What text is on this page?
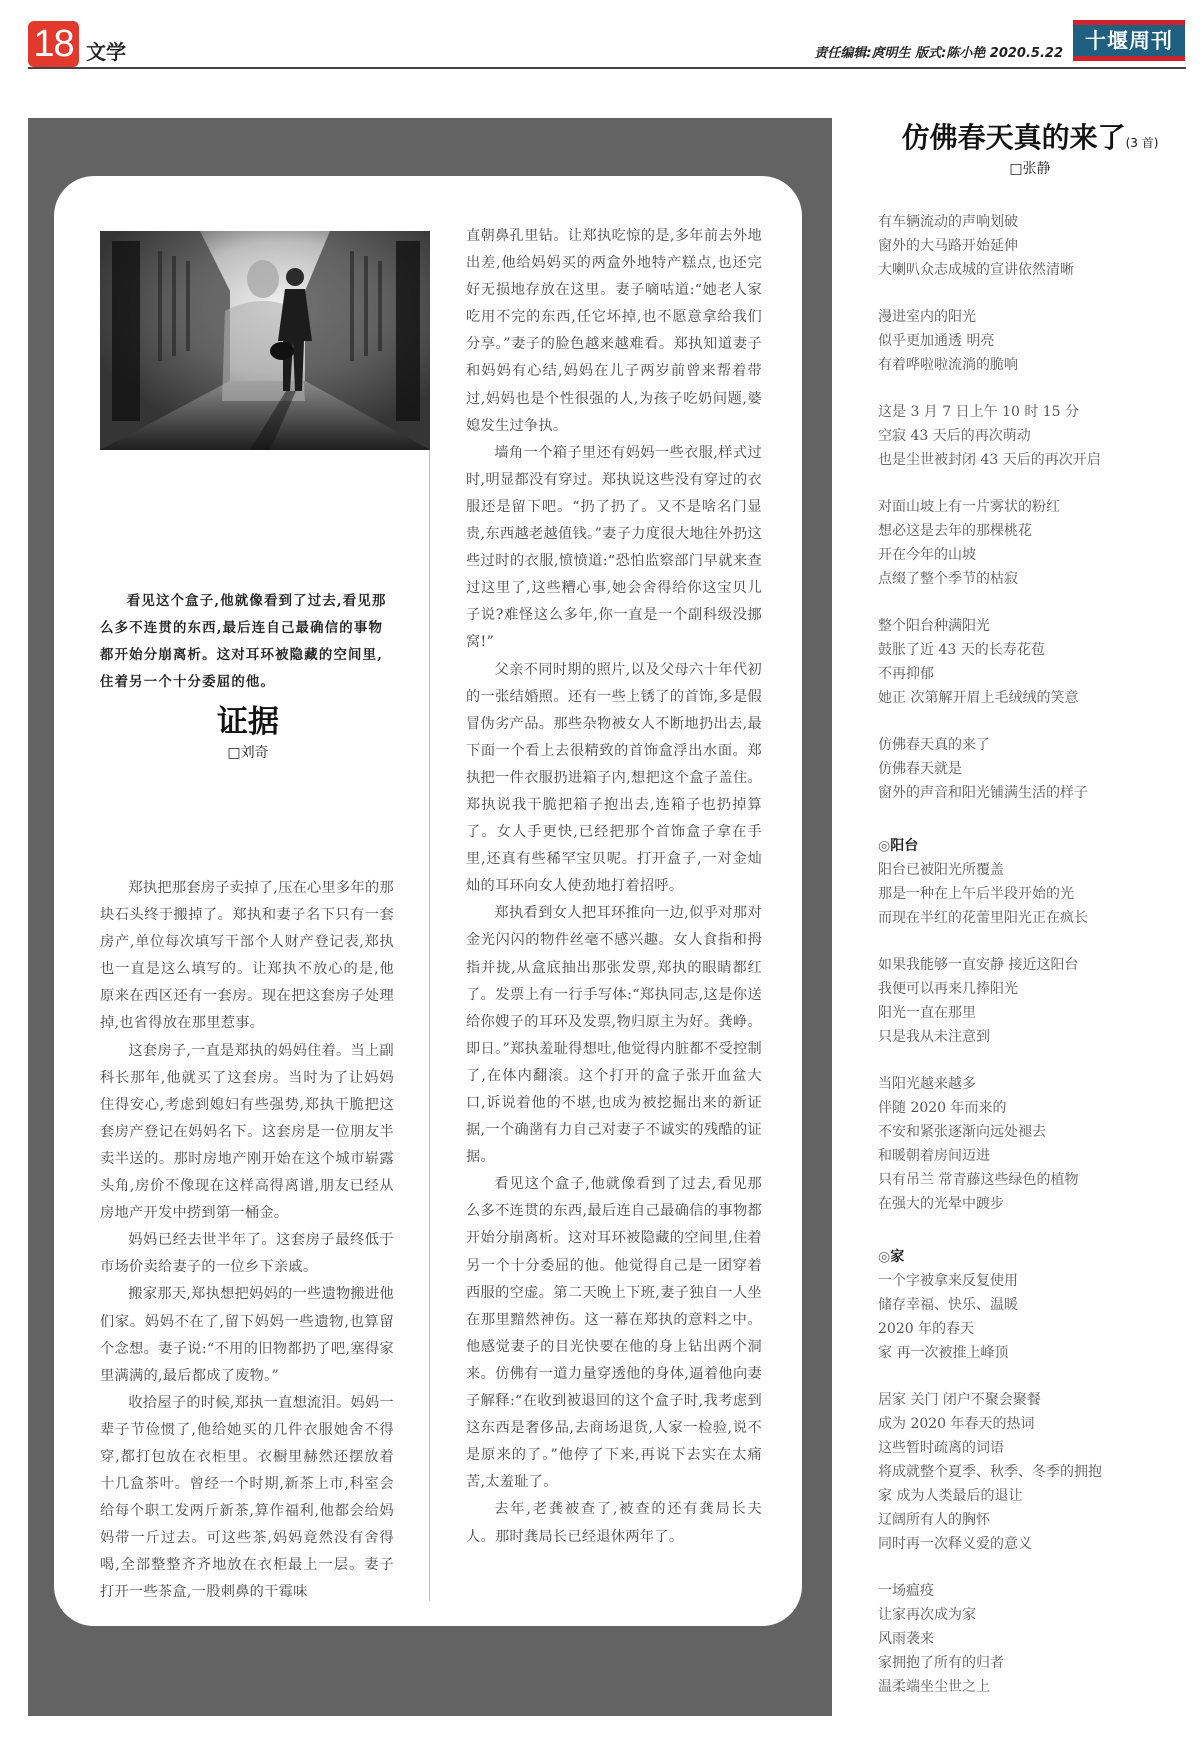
18 文学	责任编辑:庹明生 版式:陈小艳 2020.5.22
十堰周刊

看见这个盒子,他就像看到了过去,看见那么多不连贯的东西,最后连自己最确信的事物都开始分崩离析。这对耳环被隐藏的空间里,住着另一个十分委屈的他。

证据
□刘奇

郑执把那套房子卖掉了,压在心里多年的那块石头终于搬掉了。郑执和妻子名下只有一套房产,单位每次填写干部个人财产登记表,郑执也一直是这么填写的。让郑执不放心的是,他原来在西区还有一套房。现在把这套房子处理掉,也省得放在那里惹事。

这套房子,一直是郑执的妈妈住着。当上副科长那年,他就买了这套房。当时为了让妈妈住得安心,考虑到媳妇有些强势,郑执干脆把这套房产登记在妈妈名下。这套房是一位朋友半卖半送的。那时房地产刚开始在这个城市崭露头角,房价不像现在这样高得离谱,朋友已经从房地产开发中捞到第一桶金。

妈妈已经去世半年了。这套房子最终低于市场价卖给妻子的一位乡下亲戚。

搬家那天,郑执想把妈妈的一些遗物搬进他们家。妈妈不在了,留下妈妈一些遗物,也算留个念想。妻子说:“不用的旧物都扔了吧,塞得家里满满的,最后都成了废物。”

收拾屋子的时候,郑执一直想流泪。妈妈一辈子节俭惯了,他给她买的几件衣服她舍不得穿,都打包放在衣柜里。衣橱里赫然还摆放着十几盒茶叶。曾经一个时期,新茶上市,科室会给每个职工发两斤新茶,算作福利,他都会给妈妈带一斤过去。可这些茶,妈妈竟然没有舍得喝,全部整整齐齐地放在衣柜最上一层。妻子打开一些茶盒,一股刺鼻的干霉味

直朝鼻孔里钻。让郑执吃惊的是,多年前去外地出差,他给妈妈买的两盒外地特产糕点,也还完好无损地存放在这里。妻子嘀咕道:“她老人家吃用不完的东西,任它坏掉,也不愿意拿给我们分享。”妻子的脸色越来越难看。郑执知道妻子和妈妈有心结,妈妈在儿子两岁前曾来帮着带过,妈妈也是个性很强的人,为孩子吃奶问题,婆媳发生过争执。

墙角一个箱子里还有妈妈一些衣服,样式过时,明显都没有穿过。郑执说这些没有穿过的衣服还是留下吧。“扔了扔了。又不是啥名门显贵,东西越老越值钱。”妻子力度很大地往外扔这些过时的衣服,愤愤道:“恐怕监察部门早就来查过这里了,这些糟心事,她会舍得给你这宝贝儿子说?难怪这么多年,你一直是一个副科级没挪窝!”

父亲不同时期的照片,以及父母六十年代初的一张结婚照。还有一些上锈了的首饰,多是假冒伪劣产品。那些杂物被女人不断地扔出去,最下面一个看上去很精致的首饰盒浮出水面。郑执把一件衣服扔进箱子内,想把这个盒子盖住。郑执说我干脆把箱子抱出去,连箱子也扔掉算了。女人手更快,已经把那个首饰盒子拿在手里,还真有些稀罕宝贝呢。打开盒子,一对金灿灿的耳环向女人使劲地打着招呼。

郑执看到女人把耳环推向一边,似乎对那对金光闪闪的物件丝毫不感兴趣。女人食指和拇指并拢,从盒底抽出那张发票,郑执的眼睛都红了。发票上有一行手写体:“郑执同志,这是你送给你嫂子的耳环及发票,物归原主为好。龚峥。即日。”郑执羞耻得想吐,他觉得内脏都不受控制了,在体内翻滚。这个打开的盒子张开血盆大口,诉说着他的不堪,也成为被挖掘出来的新证据,一个确凿有力自己对妻子不诚实的残酷的证据。

看见这个盒子,他就像看到了过去,看见那么多不连贯的东西,最后连自己最确信的事物都开始分崩离析。这对耳环被隐藏的空间里,住着另一个十分委屈的他。他觉得自己是一团穿着西服的空虚。第二天晚上下班,妻子独自一人坐在那里黯然神伤。这一幕在郑执的意料之中。他感觉妻子的目光快要在他的身上钻出两个洞来。仿佛有一道力量穿透他的身体,逼着他向妻子解释:“在收到被退回的这个盒子时,我考虑到这东西是奢侈品,去商场退货,人家一检验,说不是原来的了。”他停了下来,再说下去实在太痛苦,太羞耻了。

去年,老龚被查了,被查的还有龚局长夫人。那时龚局长已经退休两年了。

仿佛春天真的来了(3 首)
□张静
有车辆流动的声响划破
窗外的大马路开始延伸
大喇叭众志成城的宣讲依然清晰
漫进室内的阳光
似乎更加通透 明亮
有着哗啦啦流淌的脆响
这是 3 月 7 日上午 10 时 15 分
空寂 43 天后的再次萌动
也是尘世被封闭 43 天后的再次开启
对面山坡上有一片雾状的粉红
想必这是去年的那棵桃花
开在今年的山坡
点缀了整个季节的枯寂
整个阳台种满阳光
鼓胀了近 43 天的长寿花苞
不再抑郁
她正 次第解开眉上毛绒绒的笑意
仿佛春天真的来了
仿佛春天就是
窗外的声音和阳光铺满生活的样子
◎阳台
阳台已被阳光所覆盖
那是一种在上午后半段开始的光
而现在半红的花蕾里阳光正在疯长
如果我能够一直安静 接近这阳台
我便可以再来几捧阳光
阳光一直在那里
只是我从未注意到
当阳光越来越多
伴随 2020 年而来的
不安和紧张逐渐向远处褪去
和暖朝着房间迈进
只有吊兰 常青藤这些绿色的植物
在强大的光晕中踱步
◎家
一个字被拿来反复使用
储存幸福、快乐、温暖
2020 年的春天
家 再一次被推上峰顶
居家 关门 闭户不聚会聚餐
成为 2020 年春天的热词
这些暂时疏离的词语
将成就整个夏季、秋季、冬季的拥抱
家 成为人类最后的退让
辽阔所有人的胸怀
同时再一次释义爱的意义
一场瘟疫
让家再次成为家
风雨袭来
家拥抱了所有的归者
温柔端坐尘世之上
